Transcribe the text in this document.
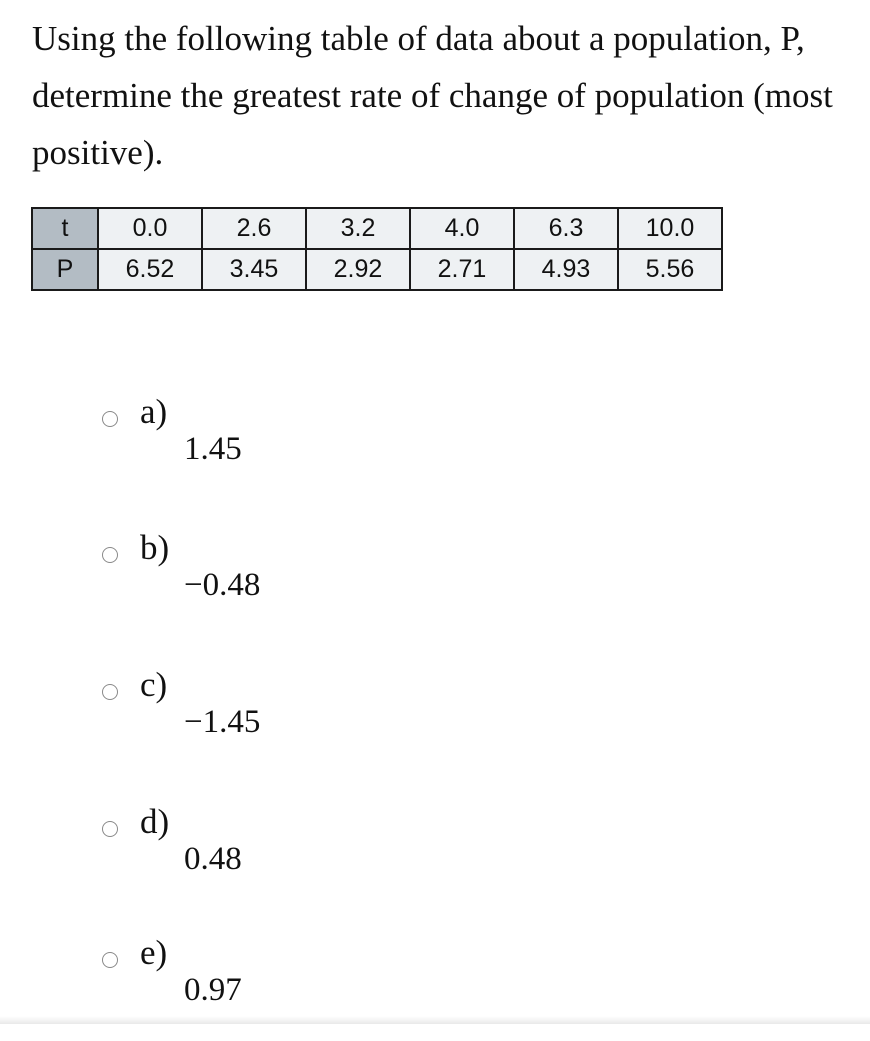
Using the following table of data about a population, P, determine the greatest rate of change of population (most positive).

t	0.0	2.6	3.2	4.0	6.3	10.0
P	6.52	3.45	2.92	2.71	4.93	5.56
a)
1.45
b)
−0.48
c)
−1.45
d)
0.48
e)
0.97
